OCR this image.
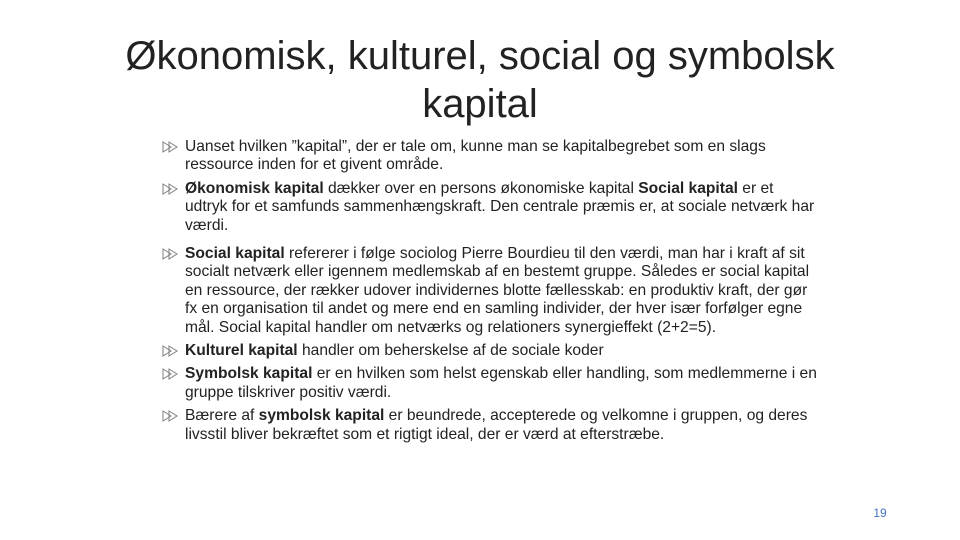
Økonomisk, kulturel, social og symbolsk
kapital
Uanset hvilken ”kapital”, der er tale om, kunne man se kapitalbegrebet som en slags ressource inden for et givent område.
Økonomisk kapital dækker over en persons økonomiske kapital Social kapital er et udtryk for et samfunds sammenhængskraft. Den centrale præmis er, at sociale netværk har værdi.
Social kapital refererer i følge sociolog Pierre Bourdieu til den værdi, man har i kraft af sit socialt netværk eller igennem medlemskab af en bestemt gruppe. Således er social kapital en ressource, der rækker udover individernes blotte fællesskab: en produktiv kraft, der gør fx en organisation til andet og mere end en samling individer, der hver især forfølger egne mål. Social kapital handler om netværks og relationers synergieffekt (2+2=5).
Kulturel kapital handler om beherskelse af de sociale koder
Symbolsk kapital er en hvilken som helst egenskab eller handling, som medlemmerne i en gruppe tilskriver positiv værdi.
Bærere af symbolsk kapital er beundrede, accepterede og velkomne i gruppen, og deres livsstil bliver bekræftet som et rigtigt ideal, der er værd at efterstræbe.
19
